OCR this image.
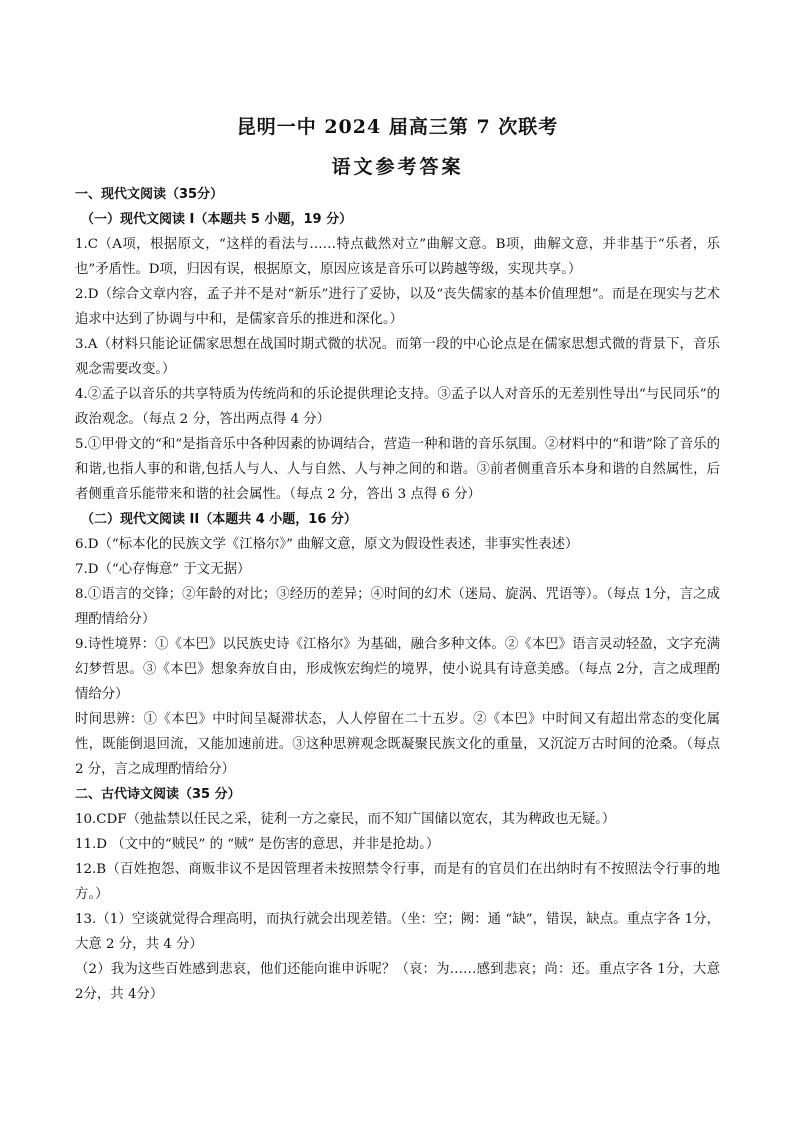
昆明一中 2024 届高三第 7 次联考
语文参考答案

一、现代文阅读（35分）

（一）现代文阅读 I（本题共 5 小题，19 分）

1.C（A项，根据原文，“这样的看法与……特点截然对立”曲解文意。B项，曲解文意，并非基于“乐者，乐也”矛盾性。D项，归因有误，根据原文，原因应该是音乐可以跨越等级，实现共享。）

2.D（综合文章内容，孟子并不是对“新乐”进行了妥协，以及“丧失儒家的基本价值理想”。而是在现实与艺术追求中达到了协调与中和，是儒家音乐的推进和深化。）

3.A（材料只能论证儒家思想在战国时期式微的状况。而第一段的中心论点是在儒家思想式微的背景下，音乐观念需要改变。）

4.②孟子以音乐的共享特质为传统尚和的乐论提供理论支持。③孟子以人对音乐的无差别性导出“与民同乐”的政治观念。（每点 2 分，答出两点得 4 分）

5.①甲骨文的“和”是指音乐中各种因素的协调结合，营造一种和谐的音乐氛围。②材料中的“和谐”除了音乐的和谐,也指人事的和谐,包括人与人、人与自然、人与神之间的和谐。③前者侧重音乐本身和谐的自然属性，后者侧重音乐能带来和谐的社会属性。（每点 2 分，答出 3 点得 6 分）

（二）现代文阅读 II（本题共 4 小题，16 分）

6.D（“标本化的民族文学《江格尔》” 曲解文意，原文为假设性表述，非事实性表述）

7.D（“心存悔意” 于文无据）

8.①语言的交锋；②年龄的对比；③经历的差异；④时间的幻术（迷局、旋涡、咒语等）。（每点 1分，言之成理酌情给分）

9.诗性境界：①《本巴》以民族史诗《江格尔》为基础，融合多种文体。②《本巴》语言灵动轻盈，文字充满幻梦哲思。③《本巴》想象奔放自由，形成恢宏绚烂的境界，使小说具有诗意美感。（每点 2分，言之成理酌情给分）

时间思辨：①《本巴》中时间呈凝滞状态，人人停留在二十五岁。②《本巴》中时间又有超出常态的变化属性，既能倒退回流，又能加速前进。③这种思辨观念既凝聚民族文化的重量，又沉淀万古时间的沧桑。（每点 2 分，言之成理酌情给分）

二、古代诗文阅读（35 分）

10.CDF（弛盐禁以任民之采，徒利一方之豪民，而不知广国储以宽农，其为稗政也无疑。）

11.D （文中的“贼民” 的 “贼” 是伤害的意思，并非是抢劫。）

12.B（百姓抱怨、商贩非议不是因管理者未按照禁令行事，而是有的官员们在出纳时有不按照法令行事的地方。）

13.（1）空谈就觉得合理高明，而执行就会出现差错。（坐：空；阙：通 “缺”，错误，缺点。重点字各 1分，大意 2 分，共 4 分）

（2）我为这些百姓感到悲哀，他们还能向谁申诉呢？（哀：为……感到悲哀；尚：还。重点字各 1分，大意 2分，共 4分）
